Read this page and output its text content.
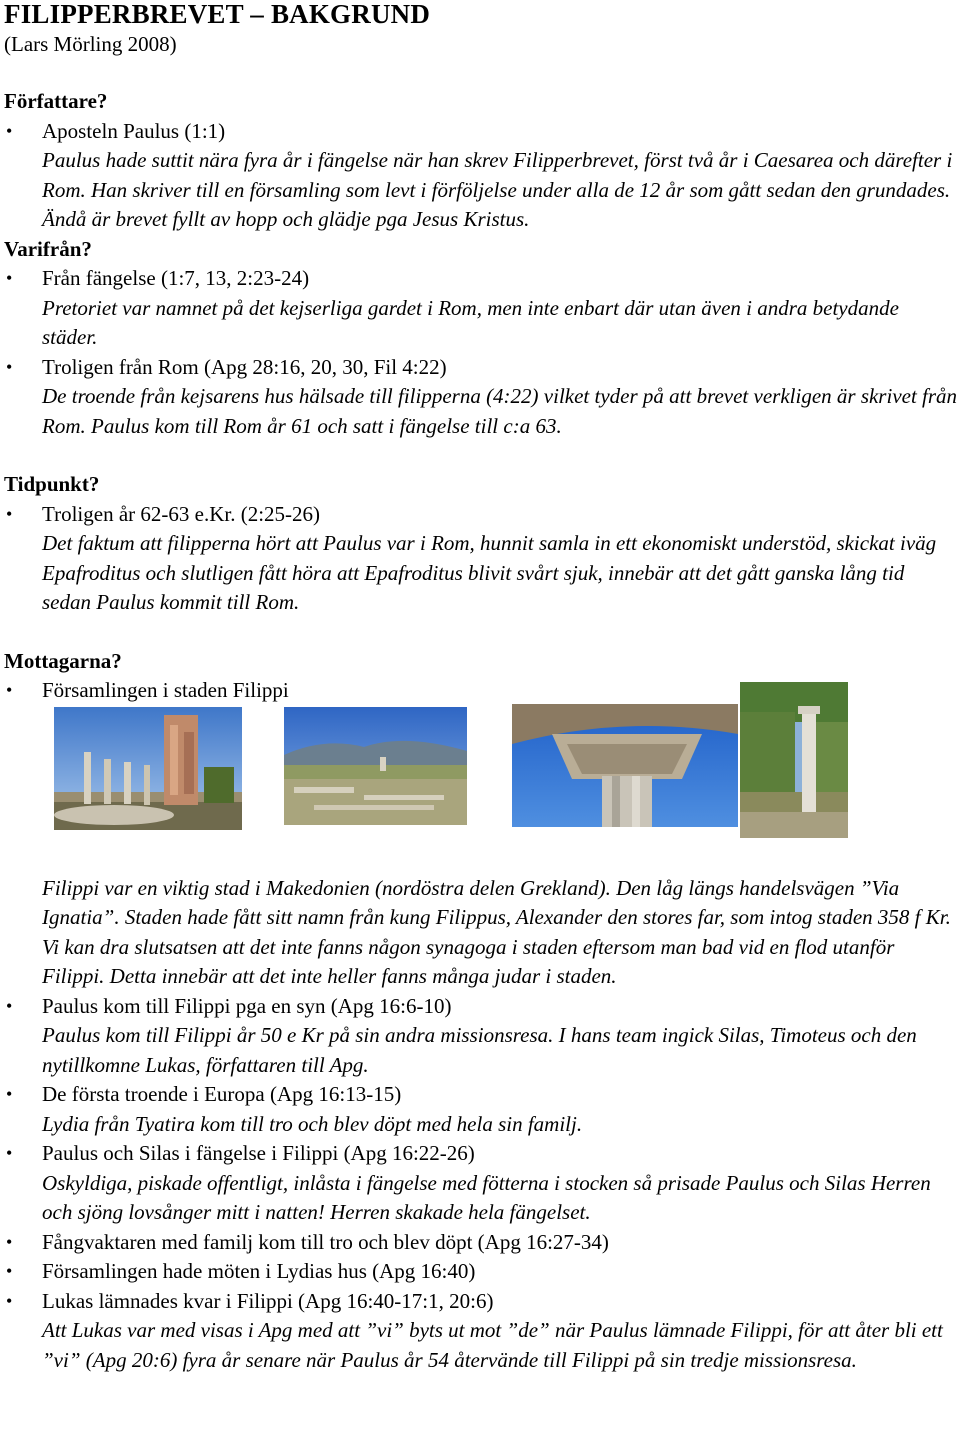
FILIPPERBREVET – BAKGRUND

(Lars Mörling 2008)

Författare?

•	Aposteln Paulus (1:1)
Paulus hade suttit nära fyra år i fängelse när han skrev Filipperbrevet, först två år i Caesarea och därefter i Rom. Han skriver till en församling som levt i förföljelse under alla de 12 år som gått sedan den grundades. Ändå är brevet fyllt av hopp och glädje pga Jesus Kristus.

Varifrån?

•	Från fängelse (1:7, 13, 2:23-24)
Pretoriet var namnet på det kejserliga gardet i Rom, men inte enbart där utan även i andra betydande städer.
•	Troligen från Rom (Apg 28:16, 20, 30, Fil 4:22)
De troende från kejsarens hus hälsade till filipperna (4:22) vilket tyder på att brevet verkligen är skrivet från Rom. Paulus kom till Rom år 61 och satt i fängelse till c:a 63.

Tidpunkt?

•	Troligen år 62-63 e.Kr. (2:25-26)
Det faktum att filipperna hört att Paulus var i Rom, hunnit samla in ett ekonomiskt understöd, skickat iväg Epafroditus och slutligen fått höra att Epafroditus blivit svårt sjuk, innebär att det gått ganska lång tid sedan Paulus kommit till Rom.

Mottagarna?

•	Församlingen i staden Filippi
Filippi var en viktig stad i Makedonien (nordöstra delen Grekland). Den låg längs handelsvägen ”Via Ignatia”. Staden hade fått sitt namn från kung Filippus, Alexander den stores far, som intog staden 358 f Kr. Vi kan dra slutsatsen att det inte fanns någon synagoga i staden eftersom man bad vid en flod utanför Filippi. Detta innebär att det inte heller fanns många judar i staden.
•	Paulus kom till Filippi pga en syn (Apg 16:6-10)
Paulus kom till Filippi år 50 e Kr på sin andra missionsresa. I hans team ingick Silas, Timoteus och den nytillkomne Lukas, författaren till Apg.
•	De första troende i Europa (Apg 16:13-15)
Lydia från Tyatira kom till tro och blev döpt med hela sin familj.
•	Paulus och Silas i fängelse i Filippi (Apg 16:22-26)
Oskyldiga, piskade offentligt, inlåsta i fängelse med fötterna i stocken så prisade Paulus och Silas Herren och sjöng lovsånger mitt i natten! Herren skakade hela fängelset.
•	Fångvaktaren med familj kom till tro och blev döpt (Apg 16:27-34)
•	Församlingen hade möten i Lydias hus (Apg 16:40)
•	Lukas lämnades kvar i Filippi (Apg 16:40-17:1, 20:6)
Att Lukas var med visas i Apg med att ”vi” byts ut mot ”de” när Paulus lämnade Filippi, för att åter bli ett ”vi” (Apg 20:6) fyra år senare när Paulus år 54 återvände till Filippi på sin tredje missionsresa.
